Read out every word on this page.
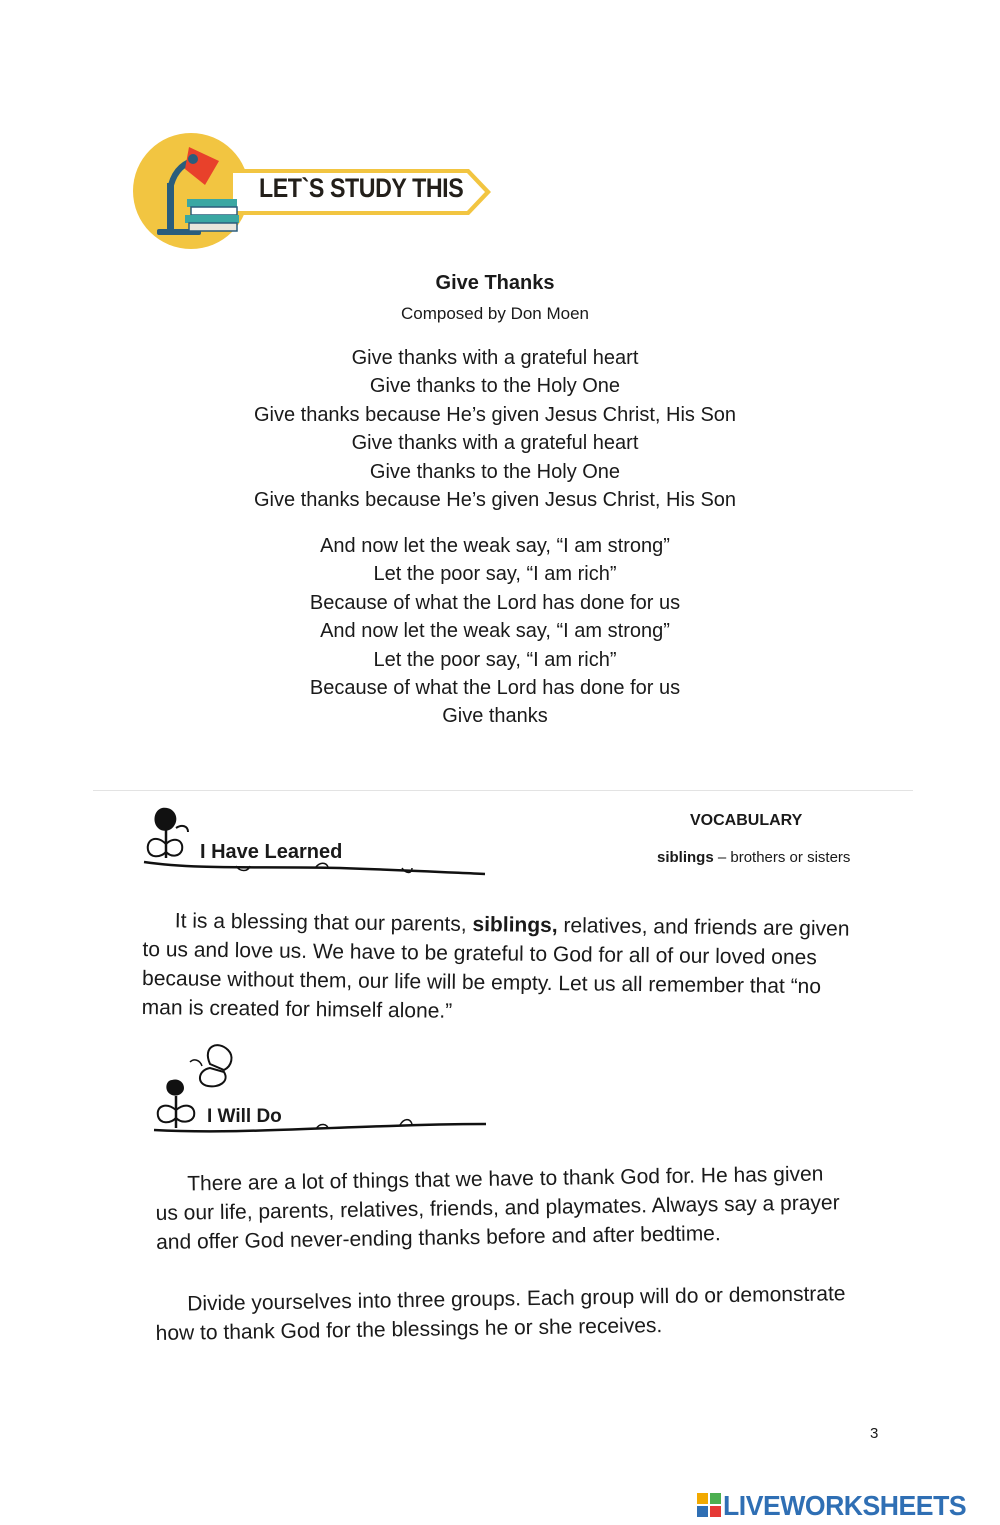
LET`S STUDY THIS
Give Thanks
Composed by Don Moen
Give thanks with a grateful heart
Give thanks to the Holy One
Give thanks because He’s given Jesus Christ, His Son
Give thanks with a grateful heart
Give thanks to the Holy One
Give thanks because He’s given Jesus Christ, His Son
And now let the weak say, “I am strong”
Let the poor say, “I am rich”
Because of what the Lord has done for us
And now let the weak say, “I am strong”
Let the poor say, “I am rich”
Because of what the Lord has done for us
Give thanks
I Have Learned
VOCABULARY
siblings – brothers or sisters
It is a blessing that our parents, siblings, relatives, and friends are given to us and love us. We have to be grateful to God for all of our loved ones because without them, our life will be empty. Let us all remember that “no man is created for himself alone.”
I Will Do
There are a lot of things that we have to thank God for. He has given us our life, parents, relatives, friends, and playmates. Always say a prayer and offer God never-ending thanks before and after bedtime.
Divide yourselves into three groups. Each group will do or demonstrate how to thank God for the blessings he or she receives.
3
LIVEWORKSHEETS
